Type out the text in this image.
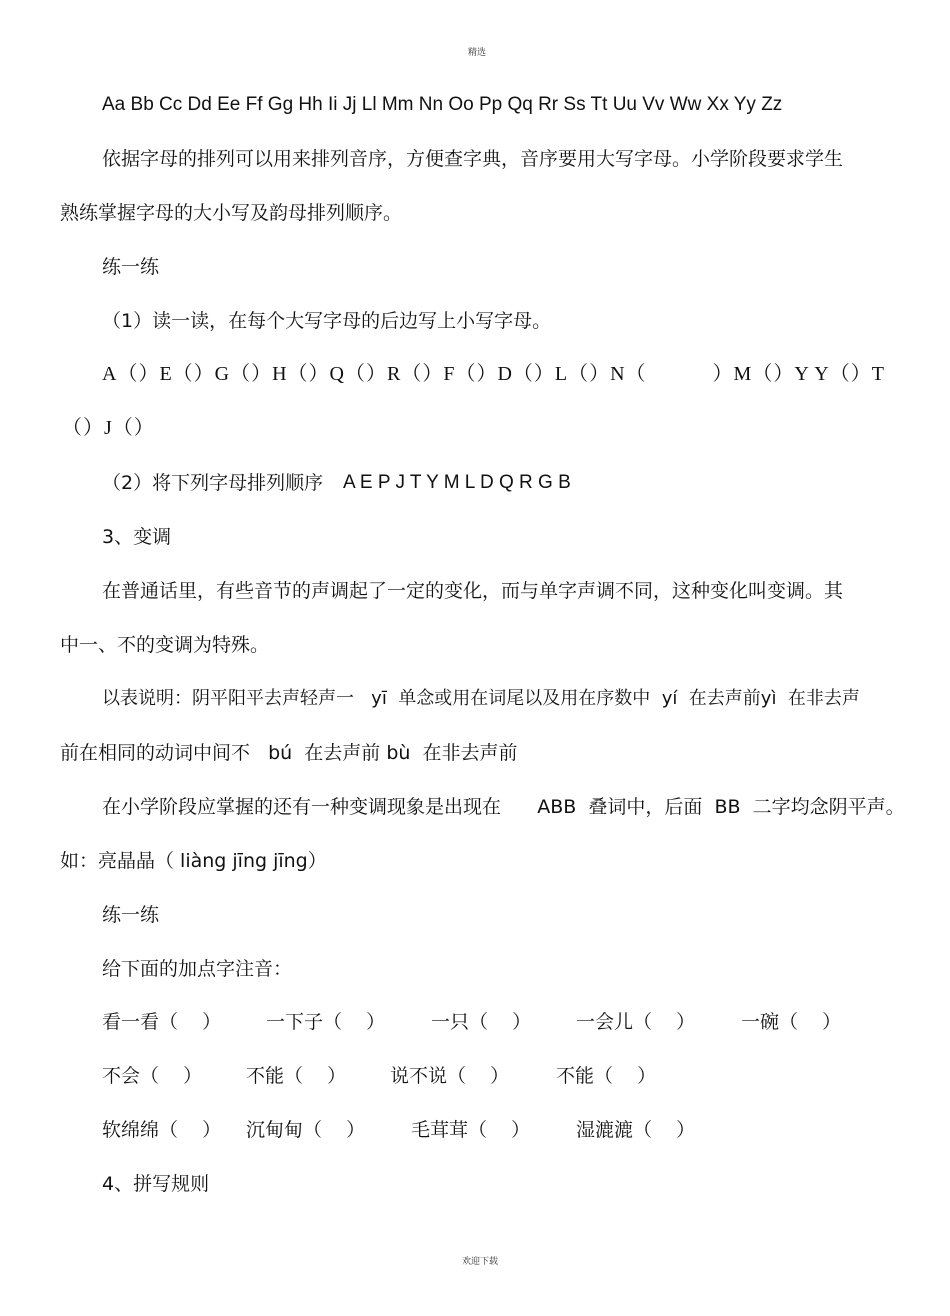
精选
Aa Bb Cc Dd Ee Ff Gg Hh Ii Jj Ll Mm Nn Oo Pp Qq Rr Ss Tt Uu Vv Ww Xx Yy Zz
依据字母的排列可以用来排列音序，方便查字典，音序要用大写字母。小学阶段要求学生
熟练掌握字母的大小写及韵母排列顺序。
练一练
（1）读一读，在每个大写字母的后边写上小写字母。
A（）E（）G（）H（）Q（）R（）F（）D（）L（）N（           ）M（）Y Y（）T
（）J（）
（2）将下列字母排列顺序 A E P J T Y M L D Q R G B
3、变调
在普通话里，有些音节的声调起了一定的变化，而与单字声调不同，这种变化叫变调。其
中一、不的变调为特殊。
以表说明：阴平阳平去声轻声一   yī  单念或用在词尾以及用在序数中  yí  在去声前yì  在非去声
前在相同的动词中间不   bú  在去声前 bù  在非去声前
在小学阶段应掌握的还有一种变调现象是出现在      ABB  叠词中，后面  BB  二字均念阴平声。
如：亮晶晶（ liàng jīng jīng）
练一练
给下面的加点字注音：
看一看（    ） 一下子（    ） 一只（    ） 一会儿（    ） 一碗（    ）
不会（    ） 不能（    ） 说不说（    ） 不能（    ）
软绵绵（    ） 沉甸甸（    ） 毛茸茸（    ） 湿漉漉（    ）
4、拼写规则
欢迎下载
